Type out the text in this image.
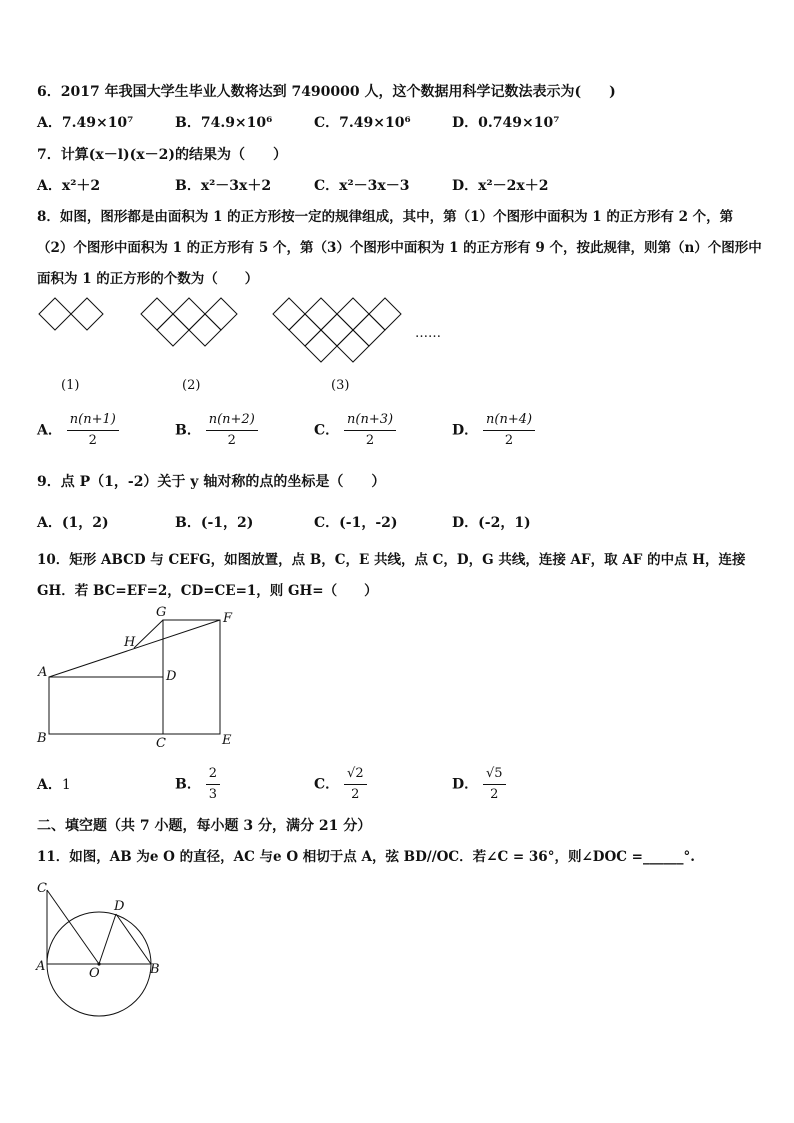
6．2017 年我国大学生毕业人数将达到 7490000 人，这个数据用科学记数法表示为(　　)
A．7.49×10⁷	B．74.9×10⁶	C．7.49×10⁶	D．0.749×10⁷
7．计算(x－l)(x－2)的结果为（　　）
A．x²＋2	B．x²－3x＋2	C．x²－3x－3	D．x²－2x＋2
8．如图，图形都是由面积为 1 的正方形按一定的规律组成，其中，第（1）个图形中面积为 1 的正方形有 2 个，第
（2）个图形中面积为 1 的正方形有 5 个，第（3）个图形中面积为 1 的正方形有 9 个，按此规律，则第（n）个图形中
面积为 1 的正方形的个数为（　　）
……
(1)	(2)	(3)
A． $\frac{n(n+1)}{2}$	B． $\frac{n(n+2)}{2}$	C． $\frac{n(n+3)}{2}$	D． $\frac{n(n+4)}{2}$
9．点 P（1，-2）关于 y 轴对称的点的坐标是（　　）
A．(1，2)	B．(-1，2)	C．(-1，-2)	D．(-2，1)
10．矩形 ABCD 与 CEFG，如图放置，点 B，C，E 共线，点 C，D，G 共线，连接 AF，取 AF 的中点 H，连接
GH．若 BC=EF=2，CD=CE=1，则 GH=（　　）
G	F
H
A	D
B	C	E
A．1	B． $\frac{2}{3}$	C． $\frac{√2}{2}$	D． $\frac{√5}{2}$
二、填空题（共 7 小题，每小题 3 分，满分 21 分）
11．如图，AB 为e O 的直径，AC 与e O 相切于点 A，弦 BD//OC．若∠C = 36°，则∠DOC =______°.
C
D
A	O	B
